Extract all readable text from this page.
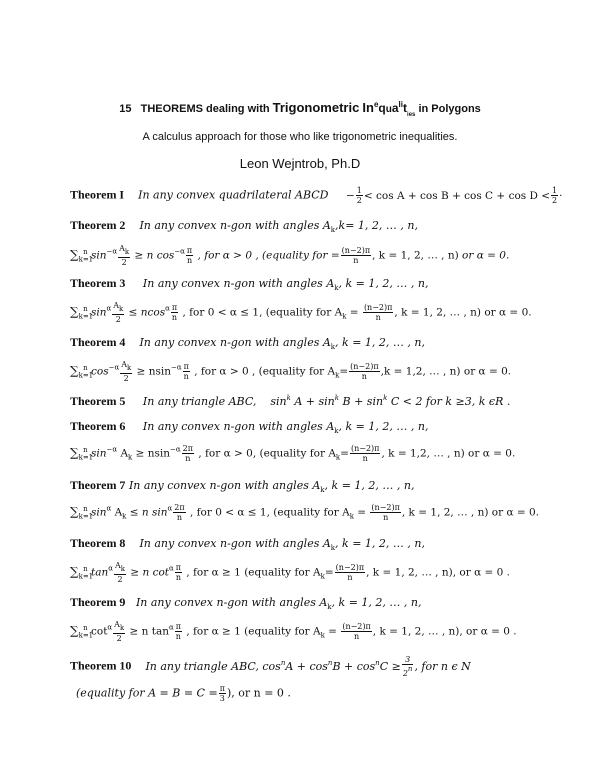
15 THEOREMS dealing with Trigonometric $In^equa^{li}t_{ies}$ in Polygons
A calculus approach for those who like trigonometric inequalities.
Leon Wejntrob, Ph.D
Theorem I In any convex quadrilateral ABCD − $\frac{1}{2} < \cos A + \cos B + \cos C + \cos D < \frac{1}{2}$ ·
Theorem 2 In any convex n-gon with angles $A_k,k= 1$, 2, … , n,
$\sum_{k=1}^n$ $\sin^{-\alpha} \frac{Ak}{2} \ge n$ $\cos^{-\alpha} \frac{\pi}{n}$ , for α > 0 , (equality for = $\frac{(n-2)\pi}{n}$ , k = 1, 2, … , n) or α = 0.
Theorem 3 In any convex n-gon with angles $A_k$, k = 1, 2, … , n,
$\sum_{k=1}^n$ $\sin^\alpha \frac{Ak}{2} \le ncos^\alpha \frac{\pi}{n}$ , for 0 < α ≤ 1, (equality for $A_k = \frac{(n-2)\pi}{n}$ , k = 1, 2, … , n) or α = 0.
Theorem 4 In any convex n-gon with angles $A_k$, k = 1, 2, … , n,
$\sum_{k=1}^n$ $\cos^{-\alpha} \frac{Ak}{2} \ge nsin^{-\alpha} \frac{\pi}{n}$ , for α > 0 , (equality for $A_k= \frac{(n-2)\pi}{n} ,k = 1,2$, … , n) or α = 0.
Theorem 5 In any triangle ABC, $\sin^k A + \sin^k B + \sin^k C < 2$ for k ≥3, k ϵR .
Theorem 6 In any convex n-gon with angles $A_k$, k = 1, 2, … , n,
$\sum_{k=1}^n$ $\sin^{-\alpha} A_k \ge nsin^{-\alpha} \frac{2\pi}{n}$ , for α > 0, (equality for $A_k= \frac{(n-2)\pi}{n}$ , k = 1,2, … , n) or α = 0.
Theorem 7 In any convex n-gon with angles $A_k$, k = 1, 2, … , n,
$\sum_{k=1}^n$ $\sin^\alpha A_k \le n$ $\sin^\alpha \frac{2\pi}{n}$ , for 0 < α ≤ 1, (equality for $A_k = \frac{(n-2)\pi}{n}$ , k = 1, 2, … , n) or α = 0.
Theorem 8 In any convex n-gon with angles $A_k$, k = 1, 2, … , n,
$\sum_{k=1}^n$ $\tan^\alpha \frac{Ak}{2} \ge n$ $\cot^\alpha \frac{\pi}{n}$ , for α ≥ 1 (equality for $A_k= \frac{(n-2)\pi}{n}$ , k = 1, 2, … , n), or α = 0 .
Theorem 9 In any convex n-gon with angles $A_k$, k = 1, 2, … , n,
$\sum_{k=1}^n$ $\cot^\alpha \frac{Ak}{2} \ge n$ $\tan^\alpha \frac{\pi}{n}$ , for α ≥ 1 (equality for $A_k = \frac{(n-2)\pi}{n}$ , k = 1, 2, … , n), or α = 0 .
Theorem 10 In any triangle ABC, $\cos^nA + \cos^nB + \cos^nC \ge \frac{3}{2n}$ , for n ϵ N
(equality for $A = B = C = \frac{\pi}{3}$ ), or n = 0 .
